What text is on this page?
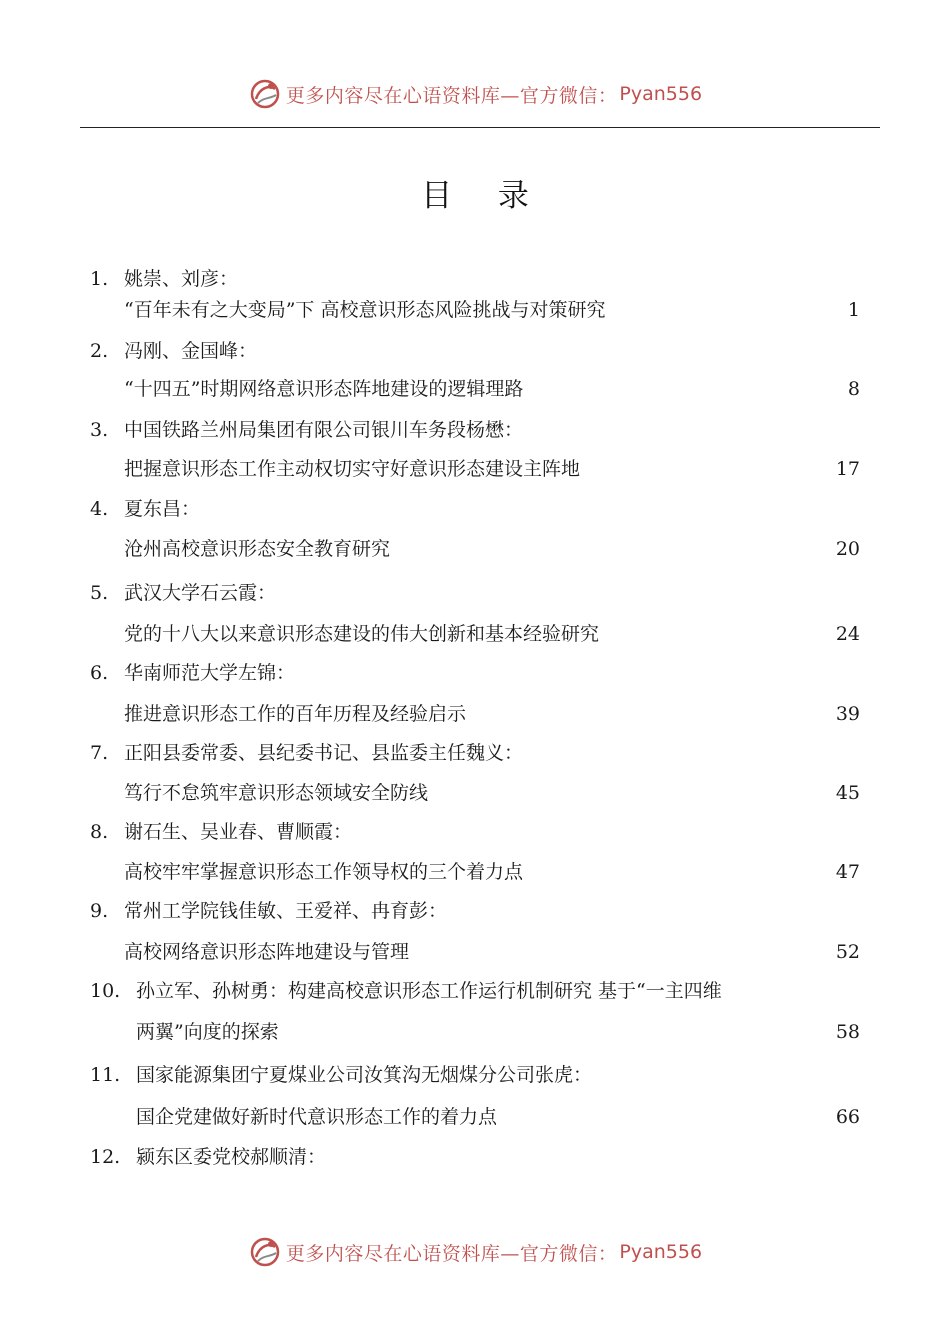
更多内容尽在心语资料库—官方微信： Pyan556
目 录
1. 姚崇、刘彦：
“百年未有之大变局”下 高校意识形态风险挑战与对策研究	1
2. 冯刚、金国峰：
“十四五”时期网络意识形态阵地建设的逻辑理路	8
3. 中国铁路兰州局集团有限公司银川车务段杨懋：
把握意识形态工作主动权切实守好意识形态建设主阵地	17
4. 夏东昌：
沧州高校意识形态安全教育研究	20
5. 武汉大学石云霞：
党的十八大以来意识形态建设的伟大创新和基本经验研究	24
6. 华南师范大学左锦：
推进意识形态工作的百年历程及经验启示	39
7. 正阳县委常委、县纪委书记、县监委主任魏义：
笃行不怠筑牢意识形态领域安全防线	45
8. 谢石生、吴业春、曹顺霞：
高校牢牢掌握意识形态工作领导权的三个着力点	47
9. 常州工学院钱佳敏、王爱祥、冉育彭：
高校网络意识形态阵地建设与管理	52
10. 孙立军、孙树勇：构建高校意识形态工作运行机制研究 基于“一主四维
两翼”向度的探索	58
11. 国家能源集团宁夏煤业公司汝箕沟无烟煤分公司张虎：
国企党建做好新时代意识形态工作的着力点	66
12. 颍东区委党校郝顺清：
更多内容尽在心语资料库—官方微信： Pyan556
